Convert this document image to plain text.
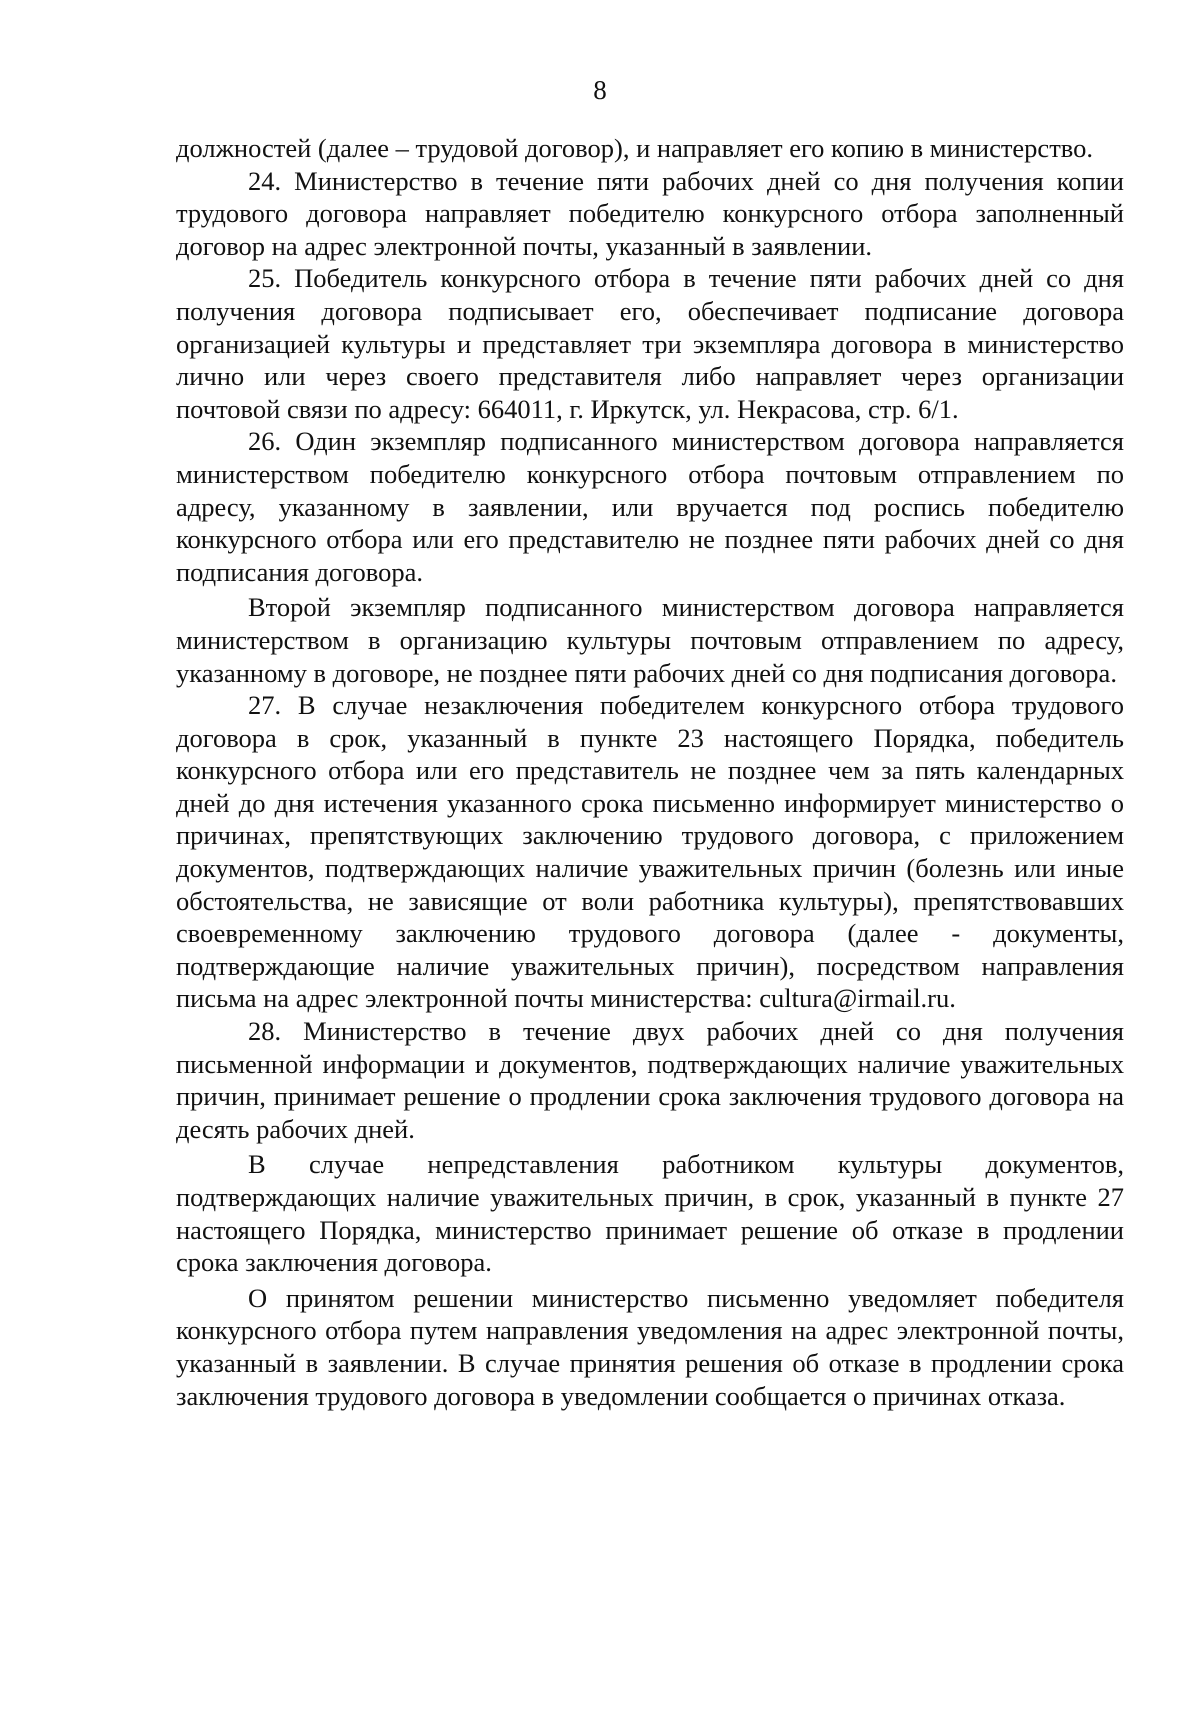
8

должностей (далее – трудовой договор), и направляет его копию в министерство.

24. Министерство в течение пяти рабочих дней со дня получения копии трудового договора направляет победителю конкурсного отбора заполненный договор на адрес электронной почты, указанный в заявлении.

25. Победитель конкурсного отбора в течение пяти рабочих дней со дня получения договора подписывает его, обеспечивает подписание договора организацией культуры и представляет три экземпляра договора в министерство лично или через своего представителя либо направляет через организации почтовой связи по адресу: 664011, г. Иркутск, ул. Некрасова, стр. 6/1.

26. Один экземпляр подписанного министерством договора направляется министерством победителю конкурсного отбора почтовым отправлением по адресу, указанному в заявлении, или вручается под роспись победителю конкурсного отбора или его представителю не позднее пяти рабочих дней со дня подписания договора.

Второй экземпляр подписанного министерством договора направляется министерством в организацию культуры почтовым отправлением по адресу, указанному в договоре, не позднее пяти рабочих дней со дня подписания договора.

27. В случае незаключения победителем конкурсного отбора трудового договора в срок, указанный в пункте 23 настоящего Порядка, победитель конкурсного отбора или его представитель не позднее чем за пять календарных дней до дня истечения указанного срока письменно информирует министерство о причинах, препятствующих заключению трудового договора, с приложением документов, подтверждающих наличие уважительных причин (болезнь или иные обстоятельства, не зависящие от воли работника культуры), препятствовавших своевременному заключению трудового договора (далее - документы, подтверждающие наличие уважительных причин), посредством направления письма на адрес электронной почты министерства: cultura@irmail.ru.

28. Министерство в течение двух рабочих дней со дня получения письменной информации и документов, подтверждающих наличие уважительных причин, принимает решение о продлении срока заключения трудового договора на десять рабочих дней.

В случае непредставления работником культуры документов, подтверждающих наличие уважительных причин, в срок, указанный в пункте 27 настоящего Порядка, министерство принимает решение об отказе в продлении срока заключения договора.

О принятом решении министерство письменно уведомляет победителя конкурсного отбора путем направления уведомления на адрес электронной почты, указанный в заявлении. В случае принятия решения об отказе в продлении срока заключения трудового договора в уведомлении сообщается о причинах отказа.
